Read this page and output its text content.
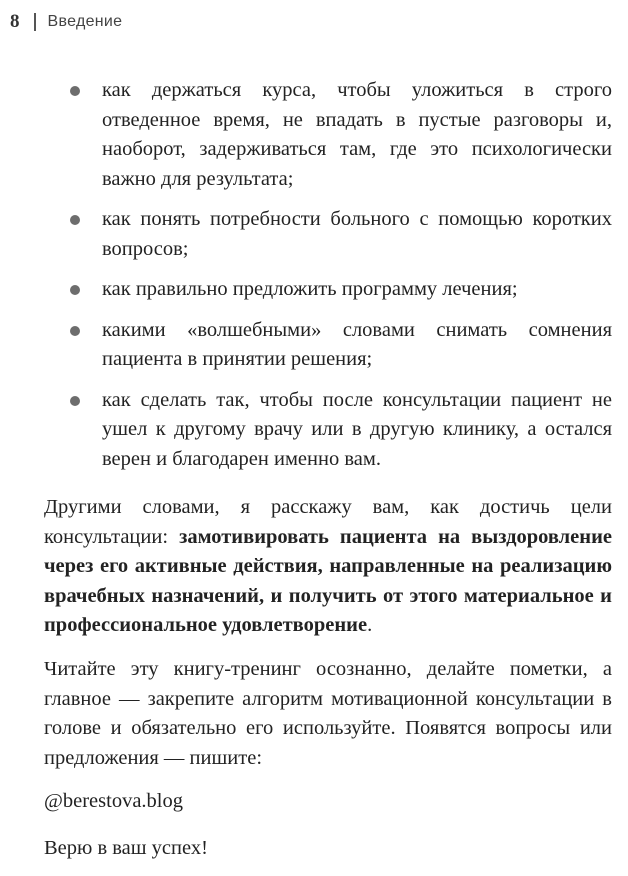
8 Введение
как держаться курса, чтобы уложиться в строго отведенное время, не впадать в пустые разговоры и, наоборот, задерживаться там, где это психологически важно для результата;
как понять потребности больного с помощью коротких вопросов;
как правильно предложить программу лечения;
какими «волшебными» словами снимать сомнения пациента в принятии решения;
как сделать так, чтобы после консультации пациент не ушел к другому врачу или в другую клинику, а остался верен и благодарен именно вам.

Другими словами, я расскажу вам, как достичь цели консультации: замотивировать пациента на выздоровление через его активные действия, направленные на реализацию врачебных назначений, и получить от этого материальное и профессиональное удовлетворение.

Читайте эту книгу-тренинг осознанно, делайте пометки, а главное — закрепите алгоритм мотивационной консультации в голове и обязательно его используйте. Появятся вопросы или предложения — пишите:

@berestova.blog

Верю в ваш успех!
